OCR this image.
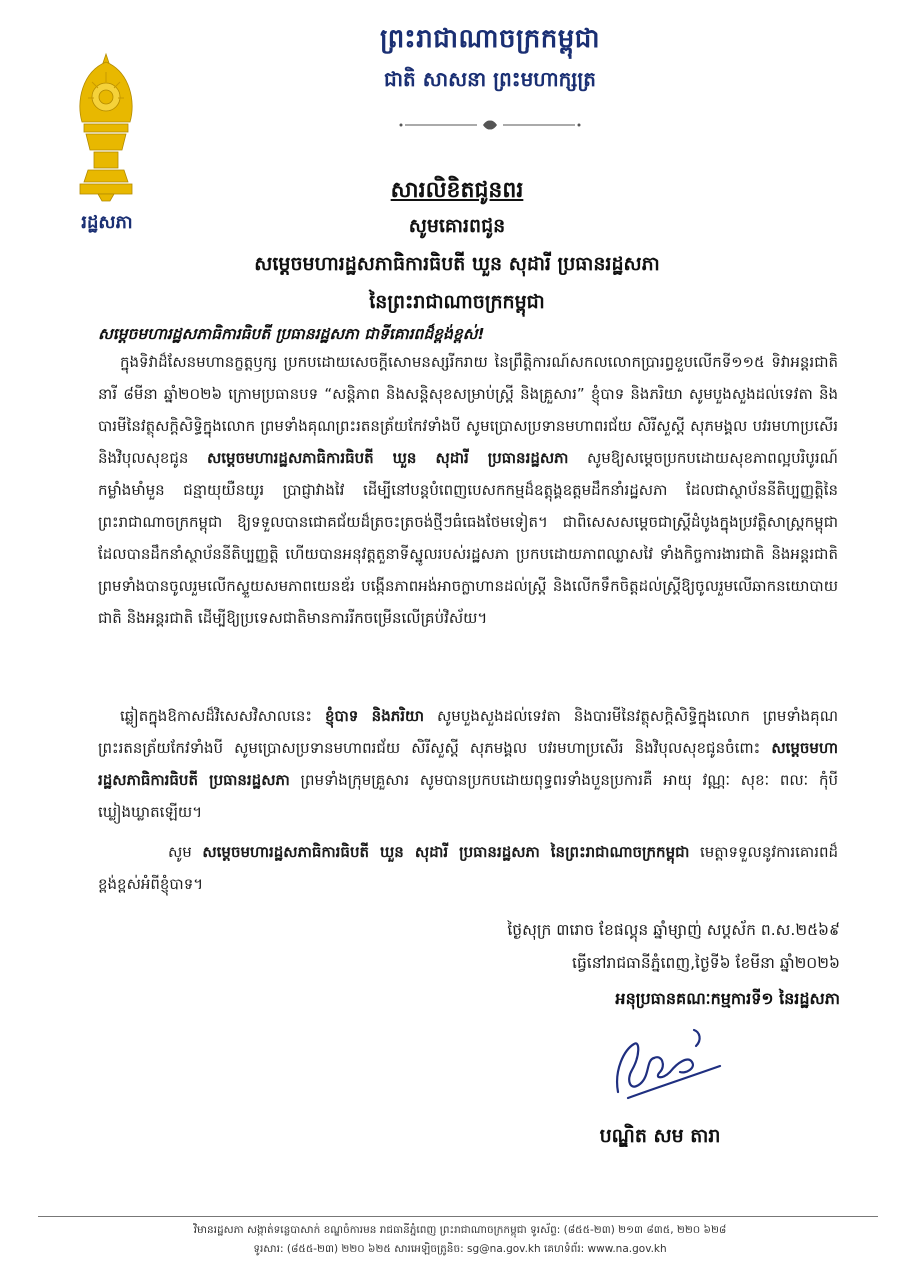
រដ្ឋសភា
ព្រះរាជាណាចក្រកម្ពុជា
ជាតិ សាសនា ព្រះមហាក្សត្រ
សារលិខិតជូនពរ
សូមគោរពជូន
សម្តេចមហារដ្ឋសភាធិការធិបតី ឃួន សុដារី ប្រធានរដ្ឋសភា
នៃព្រះរាជាណាចក្រកម្ពុជា
សម្តេចមហារដ្ឋសភាធិការធិបតី ប្រធានរដ្ឋសភា ជាទីគោរពដ៏ខ្ពង់ខ្ពស់!
ក្នុងទិវាដ៏សែនមហានក្ខត្តឫក្ស ប្រកបដោយសេចក្តីសោមនស្សរីករាយ នៃព្រឹត្តិការណ៍សកលលោកប្រារព្ធខួបលើកទី១១៥ ទិវាអន្តរជាតិនារី ៨មីនា ឆ្នាំ២០២៦ ក្រោមប្រធានបទ “សន្តិភាព និងសន្តិសុខសម្រាប់ស្ត្រី និងគ្រួសារ” ខ្ញុំបាទ និងភរិយា សូមបួងសួងដល់ទេវតា និងបារមីនៃវត្ថុសក្តិសិទ្ធិក្នុងលោក ព្រមទាំងគុណព្រះរតនត្រ័យកែវទាំងបី សូមប្រោសប្រទានមហាពរជ័យ សិរីសួស្តី សុភមង្គល បវរមហាប្រសើរ និងវិបុលសុខជូន សម្តេចមហារដ្ឋសភាធិការធិបតី ឃួន សុដារី ប្រធានរដ្ឋសភា សូមឱ្យសម្តេចប្រកបដោយសុខភាពល្អបរិបូរណ៍ កម្លាំងមាំមួន ជន្មាយុយឺនយូរ ប្រាជ្ញាវាងវៃ ដើម្បីនៅបន្តបំពេញបេសកកម្មដ៏ឧត្តុង្គឧត្តមដឹកនាំរដ្ឋសភា ដែលជាស្ថាប័ននីតិប្បញ្ញត្តិនៃព្រះរាជាណាចក្រកម្ពុជា ឱ្យទទួលបានជោគជ័យដ៏ត្រចះត្រចង់ថ្មីៗធំធេងថែមទៀត។ ជាពិសេសសម្តេចជាស្ត្រីដំបូងក្នុងប្រវត្តិសាស្ត្រកម្ពុជា ដែលបានដឹកនាំស្ថាប័ននីតិប្បញ្ញត្តិ ហើយបានអនុវត្តតួនាទីស្នូលរបស់រដ្ឋសភា ប្រកបដោយភាពឈ្លាសវៃ ទាំងកិច្ចការងារជាតិ និងអន្តរជាតិ ព្រមទាំងបានចូលរួមលើកស្ទួយសមភាពយេនឌ័រ បង្កើនភាពអង់អាចក្លាហានដល់ស្ត្រី និងលើកទឹកចិត្តដល់ស្ត្រីឱ្យចូលរួមលើឆាកនយោបាយជាតិ និងអន្តរជាតិ ដើម្បីឱ្យប្រទេសជាតិមានការរីកចម្រើនលើគ្រប់វិស័យ។
ឆ្លៀតក្នុងឱកាសដ៏វិសេសវិសាលនេះ ខ្ញុំបាទ និងភរិយា សូមបួងសួងដល់ទេវតា និងបារមីនៃវត្ថុសក្តិសិទ្ធិក្នុងលោក ព្រមទាំងគុណព្រះរតនត្រ័យកែវទាំងបី សូមប្រោសប្រទានមហាពរជ័យ សិរីសួស្តី សុភមង្គល បវរមហាប្រសើរ និងវិបុលសុខជូនចំពោះ សម្តេចមហារដ្ឋសភាធិការធិបតី ប្រធានរដ្ឋសភា ព្រមទាំងក្រុមគ្រួសារ សូមបានប្រកបដោយពុទ្ធពរទាំងបួនប្រការគឺ អាយុ វណ្ណៈ សុខៈ ពលៈ កុំបីឃ្លៀងឃ្លាតឡើយ។
សូម សម្តេចមហារដ្ឋសភាធិការធិបតី ឃួន សុដារី ប្រធានរដ្ឋសភា នៃព្រះរាជាណាចក្រកម្ពុជា មេត្តាទទួលនូវការគោរពដ៏ខ្ពង់ខ្ពស់អំពីខ្ញុំបាទ។
ថ្ងៃសុក្រ ៣រោច ខែផល្គុន ឆ្នាំម្សាញ់ សប្តស័ក ព.ស.២៥៦៩
ធ្វើនៅរាជធានីភ្នំពេញ,ថ្ងៃទី៦ ខែមីនា ឆ្នាំ២០២៦
អនុប្រធានគណៈកម្មការទី១ នៃរដ្ឋសភា
បណ្ឌិត សម តារា
វិមានរដ្ឋសភា សង្កាត់ទន្លេបាសាក់ ខណ្ឌចំការមន រាជធានីភ្នំពេញ ព្រះរាជាណាចក្រកម្ពុជា ទូរស័ព្ទ: (៨៥៥-២៣) ២១៣ ៨៣៥, ២២០ ៦២៨
ទូរសារ: (៨៥៥-២៣) ២២០ ៦២៥ សារអេឡិចត្រូនិច: sg@na.gov.kh គេហទំព័រ: www.na.gov.kh
